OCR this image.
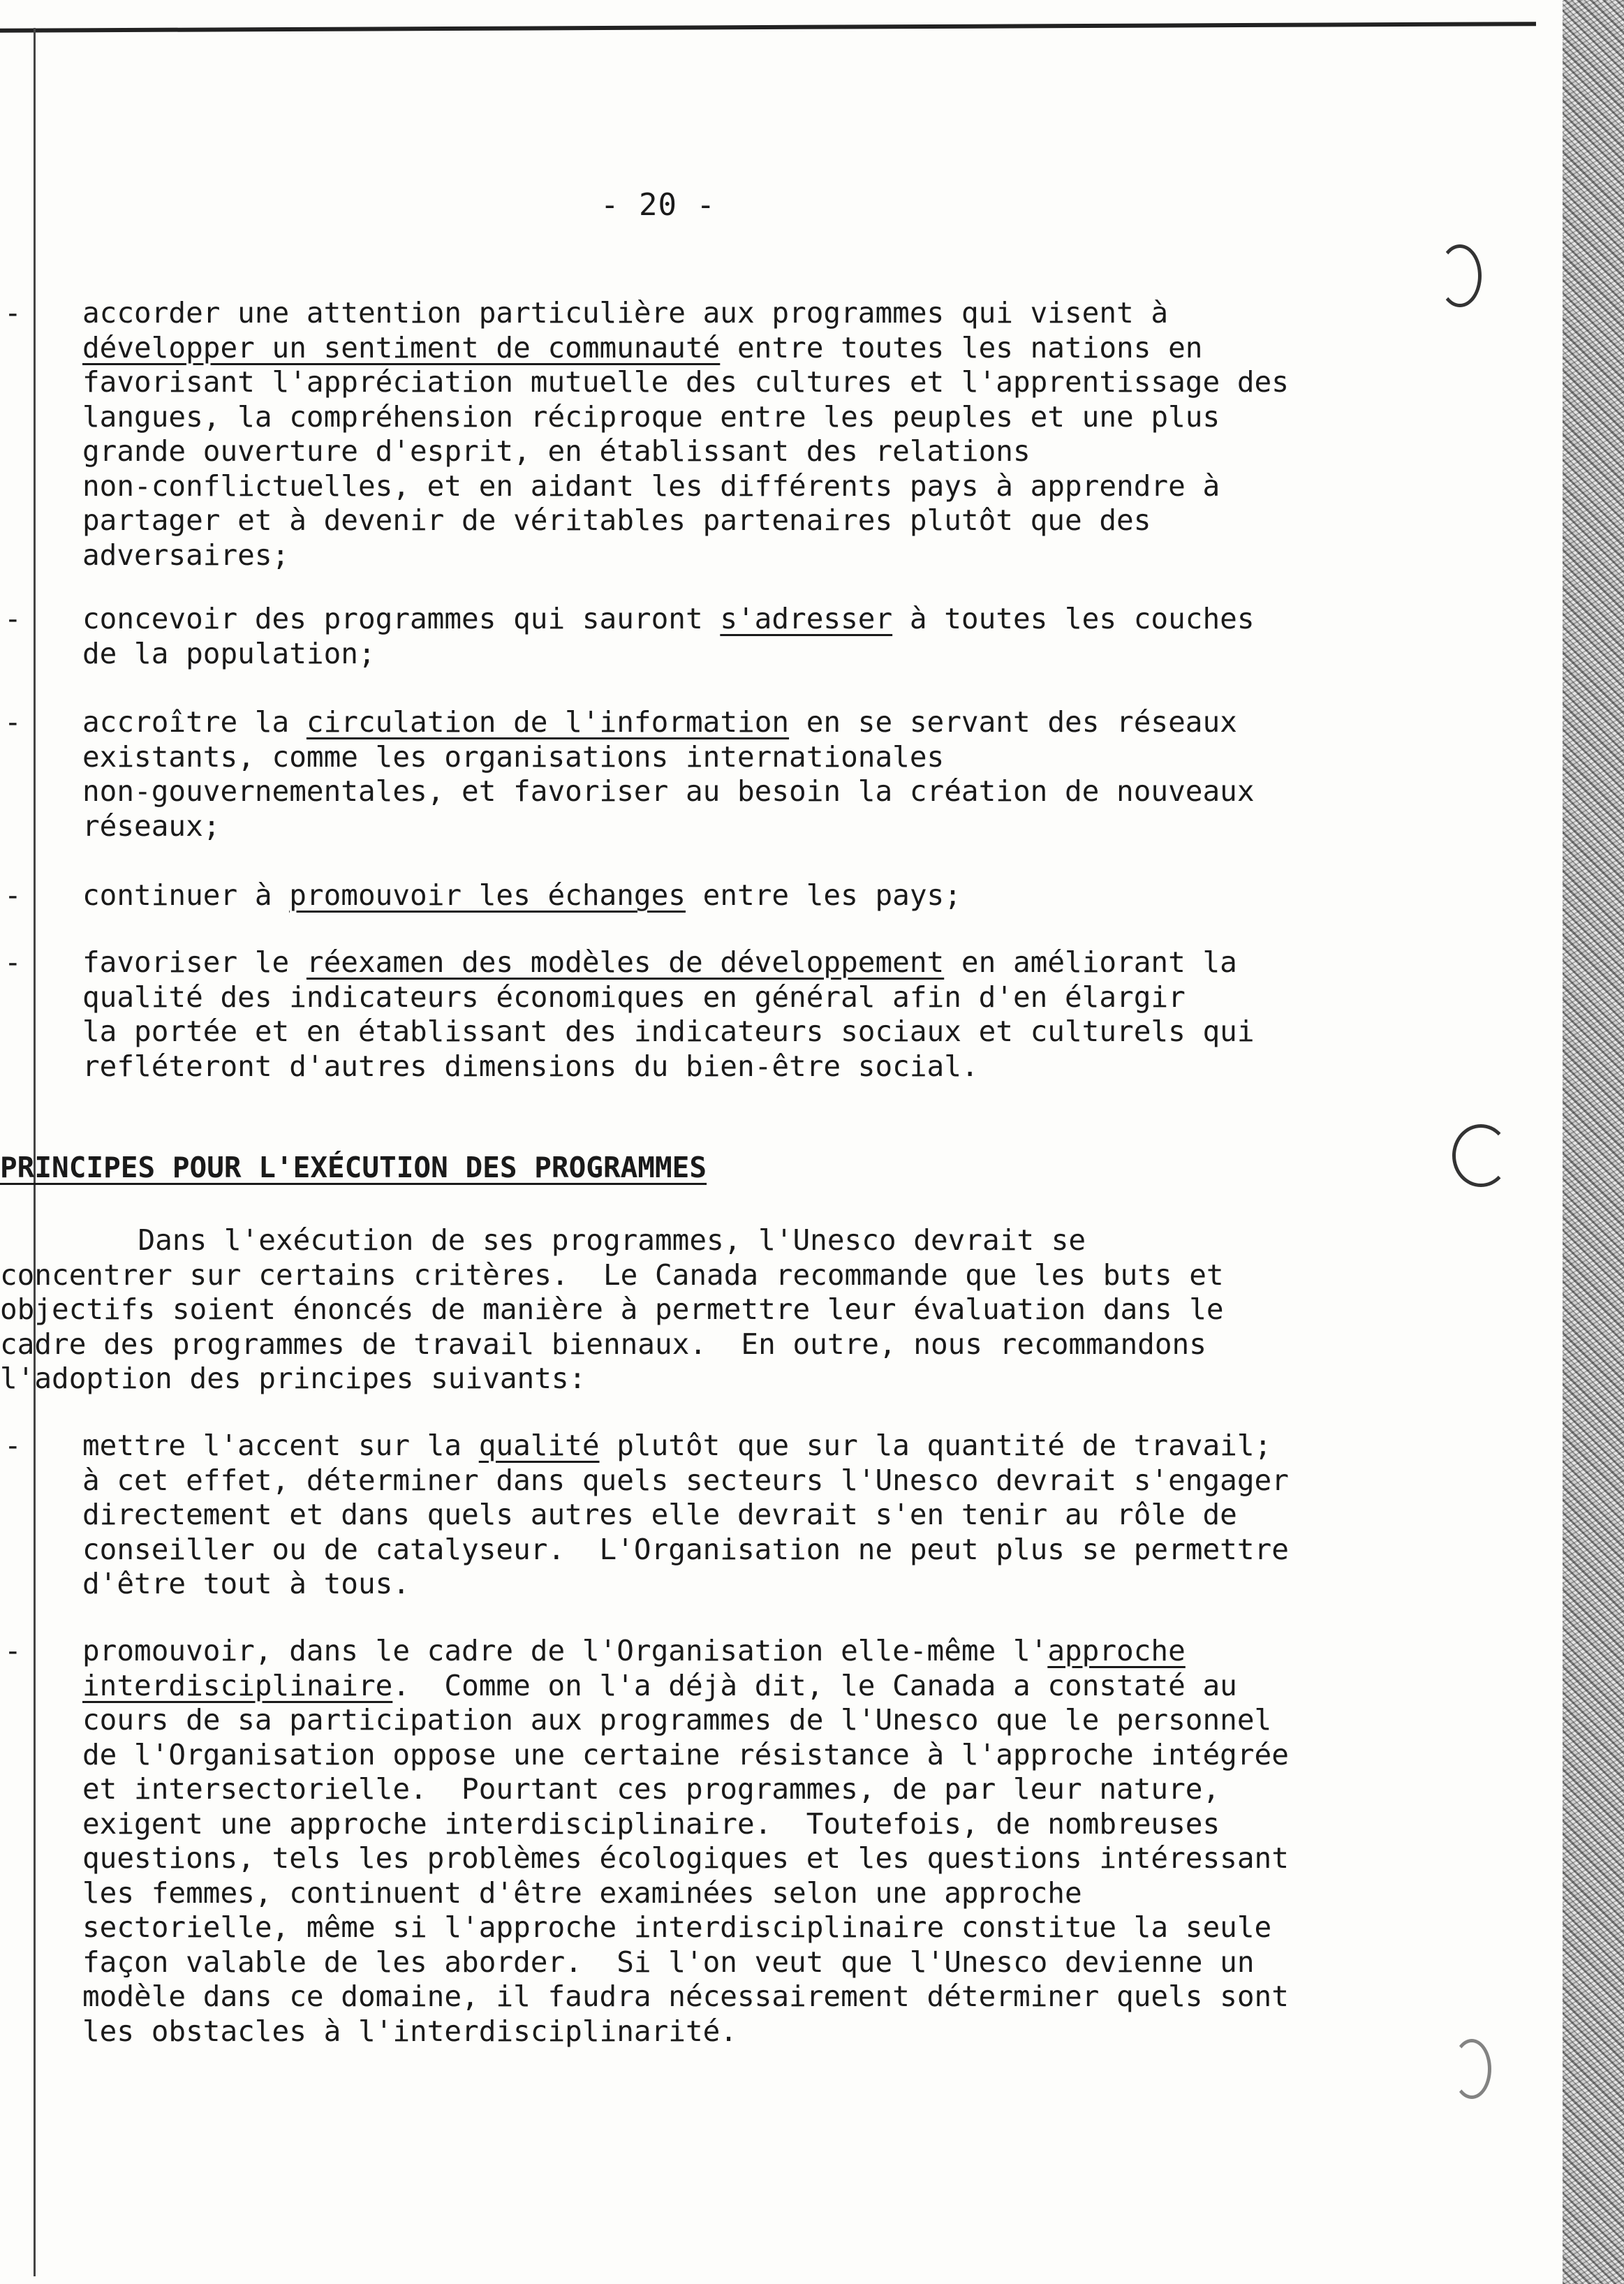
- 20 -
- accorder une attention particulière aux programmes qui visent à
développer un sentiment de communauté entre toutes les nations en
favorisant l'appréciation mutuelle des cultures et l'apprentissage des
langues, la compréhension réciproque entre les peuples et une plus
grande ouverture d'esprit, en établissant des relations
non-conflictuelles, et en aidant les différents pays à apprendre à
partager et à devenir de véritables partenaires plutôt que des
adversaires;

- concevoir des programmes qui sauront s'adresser à toutes les couches
de la population;

- accroître la circulation de l'information en se servant des réseaux
existants, comme les organisations internationales
non-gouvernementales, et favoriser au besoin la création de nouveaux
réseaux;

- continuer à promouvoir les échanges entre les pays;

- favoriser le réexamen des modèles de développement en améliorant la
qualité des indicateurs économiques en général afin d'en élargir
la portée et en établissant des indicateurs sociaux et culturels qui
refléteront d'autres dimensions du bien-être social.

PRINCIPES POUR L'EXÉCUTION DES PROGRAMMES

Dans l'exécution de ses programmes, l'Unesco devrait se
concentrer sur certains critères.  Le Canada recommande que les buts et
objectifs soient énoncés de manière à permettre leur évaluation dans le
cadre des programmes de travail biennaux.  En outre, nous recommandons
l'adoption des principes suivants:

- mettre l'accent sur la qualité plutôt que sur la quantité de travail;
à cet effet, déterminer dans quels secteurs l'Unesco devrait s'engager
directement et dans quels autres elle devrait s'en tenir au rôle de
conseiller ou de catalyseur.  L'Organisation ne peut plus se permettre
d'être tout à tous.

- promouvoir, dans le cadre de l'Organisation elle-même l'approche
interdisciplinaire.  Comme on l'a déjà dit, le Canada a constaté au
cours de sa participation aux programmes de l'Unesco que le personnel
de l'Organisation oppose une certaine résistance à l'approche intégrée
et intersectorielle.  Pourtant ces programmes, de par leur nature,
exigent une approche interdisciplinaire.  Toutefois, de nombreuses
questions, tels les problèmes écologiques et les questions intéressant
les femmes, continuent d'être examinées selon une approche
sectorielle, même si l'approche interdisciplinaire constitue la seule
façon valable de les aborder.  Si l'on veut que l'Unesco devienne un
modèle dans ce domaine, il faudra nécessairement déterminer quels sont
les obstacles à l'interdisciplinarité.
